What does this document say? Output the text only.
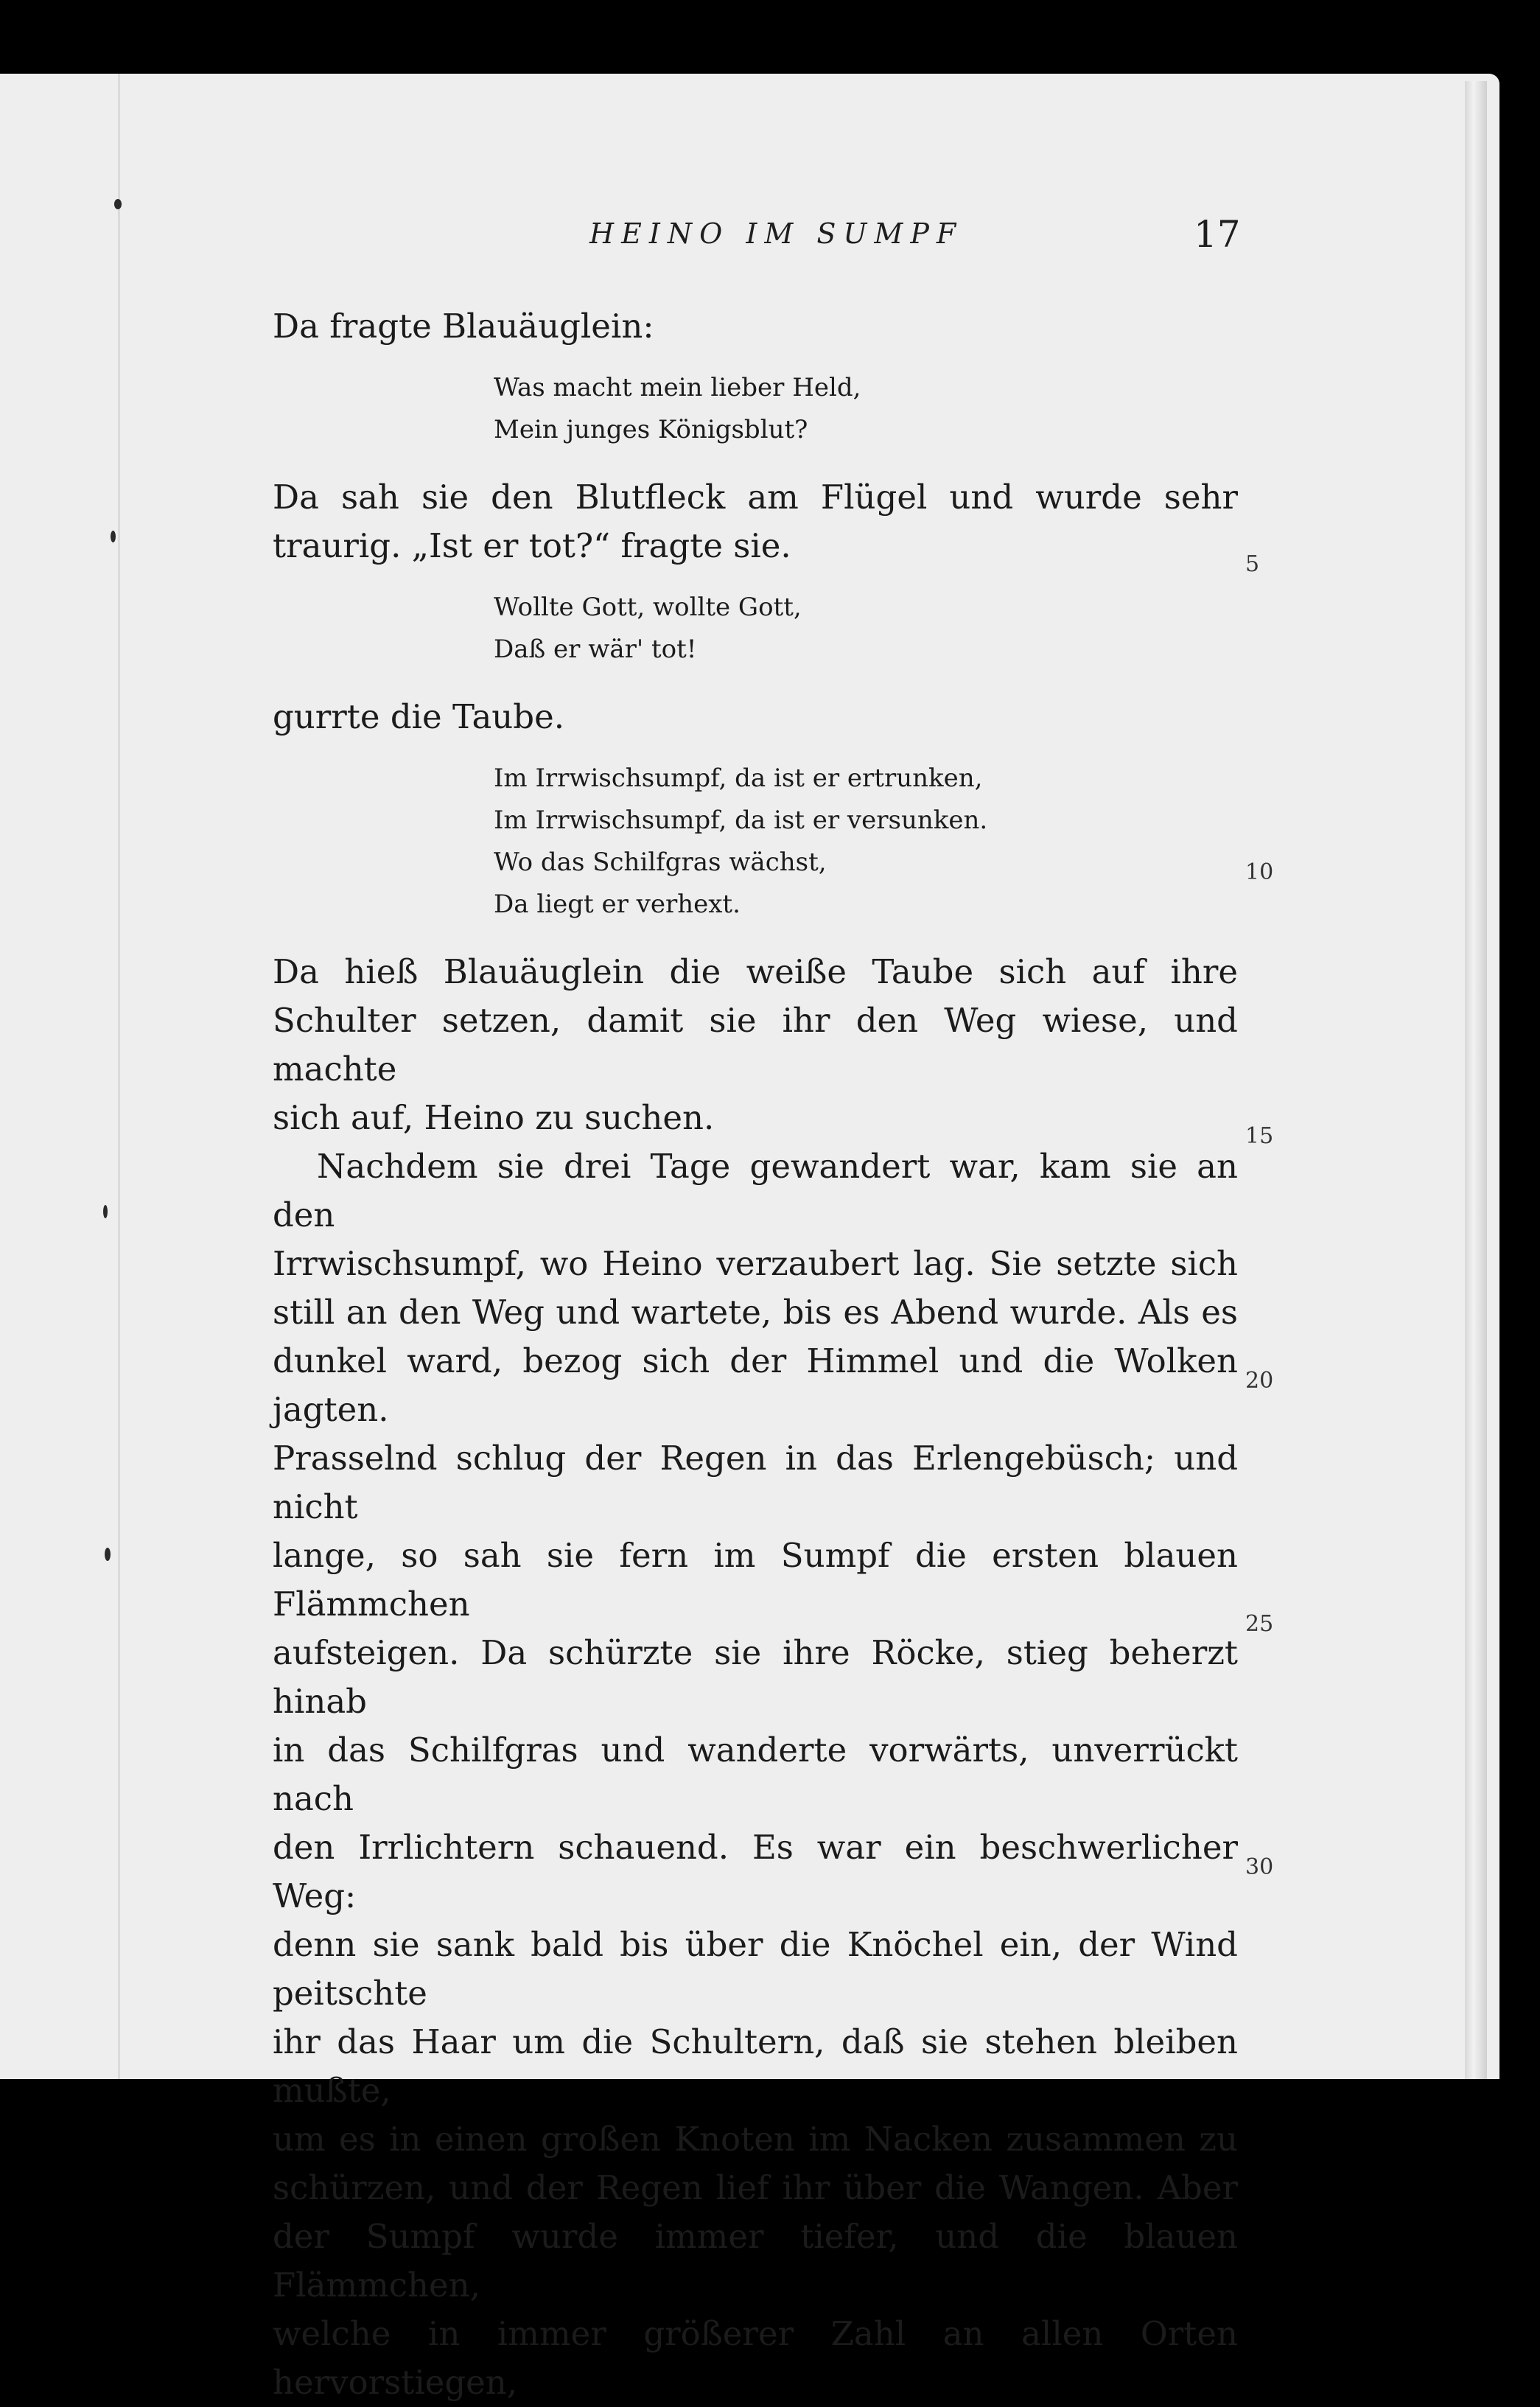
HEINO IM SUMPF	17

Da fragte Blauäuglein:

Was macht mein lieber Held,
Mein junges Königsblut?

Da sah sie den Blutfleck am Flügel und wurde sehr
traurig. „Ist er tot?“ fragte sie.

Wollte Gott, wollte Gott,
Daß er wär' tot!

gurrte die Taube.

Im Irrwischsumpf, da ist er ertrunken,
Im Irrwischsumpf, da ist er versunken.
Wo das Schilfgras wächst,
Da liegt er verhext.

Da hieß Blauäuglein die weiße Taube sich auf ihre
Schulter setzen, damit sie ihr den Weg wiese, und machte
sich auf, Heino zu suchen.

Nachdem sie drei Tage gewandert war, kam sie an den
Irrwischsumpf, wo Heino verzaubert lag. Sie setzte sich
still an den Weg und wartete, bis es Abend wurde. Als es
dunkel ward, bezog sich der Himmel und die Wolken jagten.
Prasselnd schlug der Regen in das Erlengebüsch; und nicht
lange, so sah sie fern im Sumpf die ersten blauen Flämmchen
aufsteigen. Da schürzte sie ihre Röcke, stieg beherzt hinab
in das Schilfgras und wanderte vorwärts, unverrückt nach
den Irrlichtern schauend. Es war ein beschwerlicher Weg:
denn sie sank bald bis über die Knöchel ein, der Wind peitschte
ihr das Haar um die Schultern, daß sie stehen bleiben mußte,
um es in einen großen Knoten im Nacken zusammen zu
schürzen, und der Regen lief ihr über die Wangen. Aber
der Sumpf wurde immer tiefer, und die blauen Flämmchen,
welche in immer größerer Zahl an allen Orten hervorstiegen,

5
10
15
20
25
30
